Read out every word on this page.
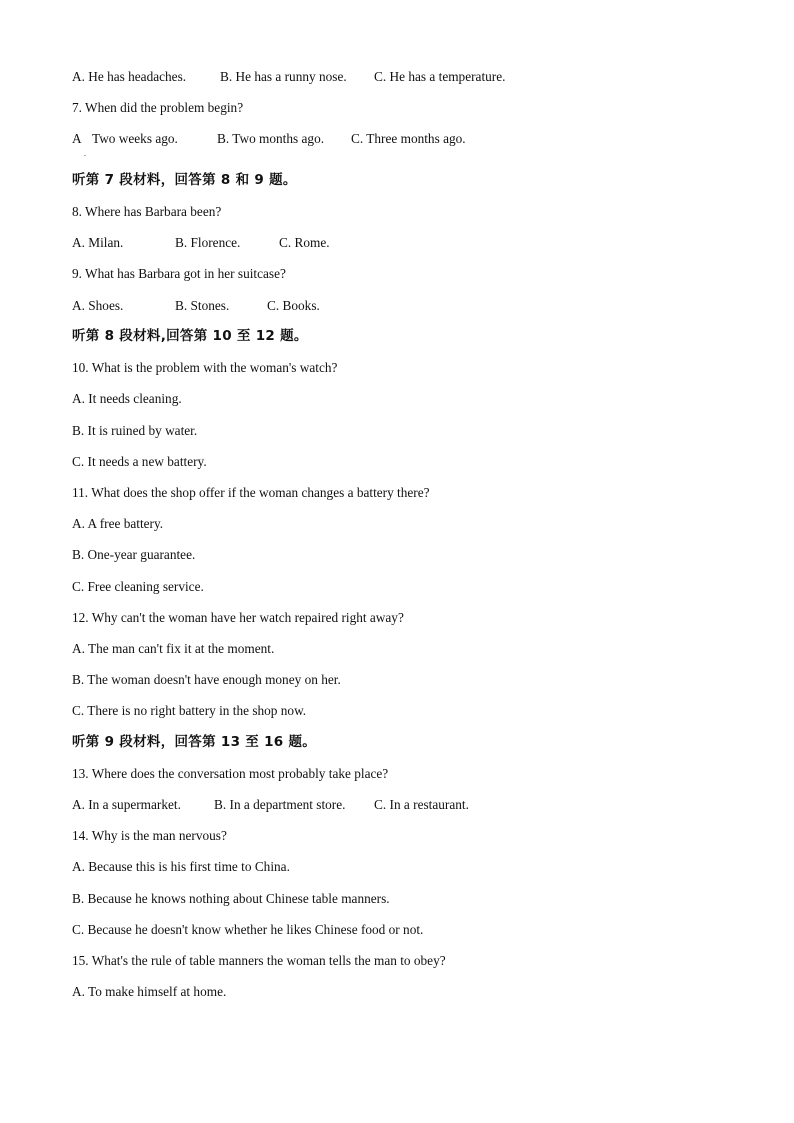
A. He has headaches.	B. He has a runny nose. C. He has a temperature.
7. When did the problem begin?
A Two weeks ago.	B. Two months ago. C. Three months ago.
.
听第 7 段材料，回答第 8 和 9 题。
8. Where has Barbara been?
A. Milan.	B. Florence.	C. Rome.
9. What has Barbara got in her suitcase?
A. Shoes.	B. Stones.	C. Books.
听第 8 段材料,回答第 10 至 12 题。
10. What is the problem with the woman's watch?
A. It needs cleaning.
B. It is ruined by water.
C. It needs a new battery.
11. What does the shop offer if the woman changes a battery there?
A. A free battery.
B. One-year guarantee.
C. Free cleaning service.
12. Why can't the woman have her watch repaired right away?
A. The man can't fix it at the moment.
B. The woman doesn't have enough money on her.
C. There is no right battery in the shop now.
听第 9 段材料，回答第 13 至 16 题。
13. Where does the conversation most probably take place?
A. In a supermarket. B. In a department store. C. In a restaurant.
14. Why is the man nervous?
A. Because this is his first time to China.
B. Because he knows nothing about Chinese table manners.
C. Because he doesn't know whether he likes Chinese food or not.
15. What's the rule of table manners the woman tells the man to obey?
A. To make himself at home.
